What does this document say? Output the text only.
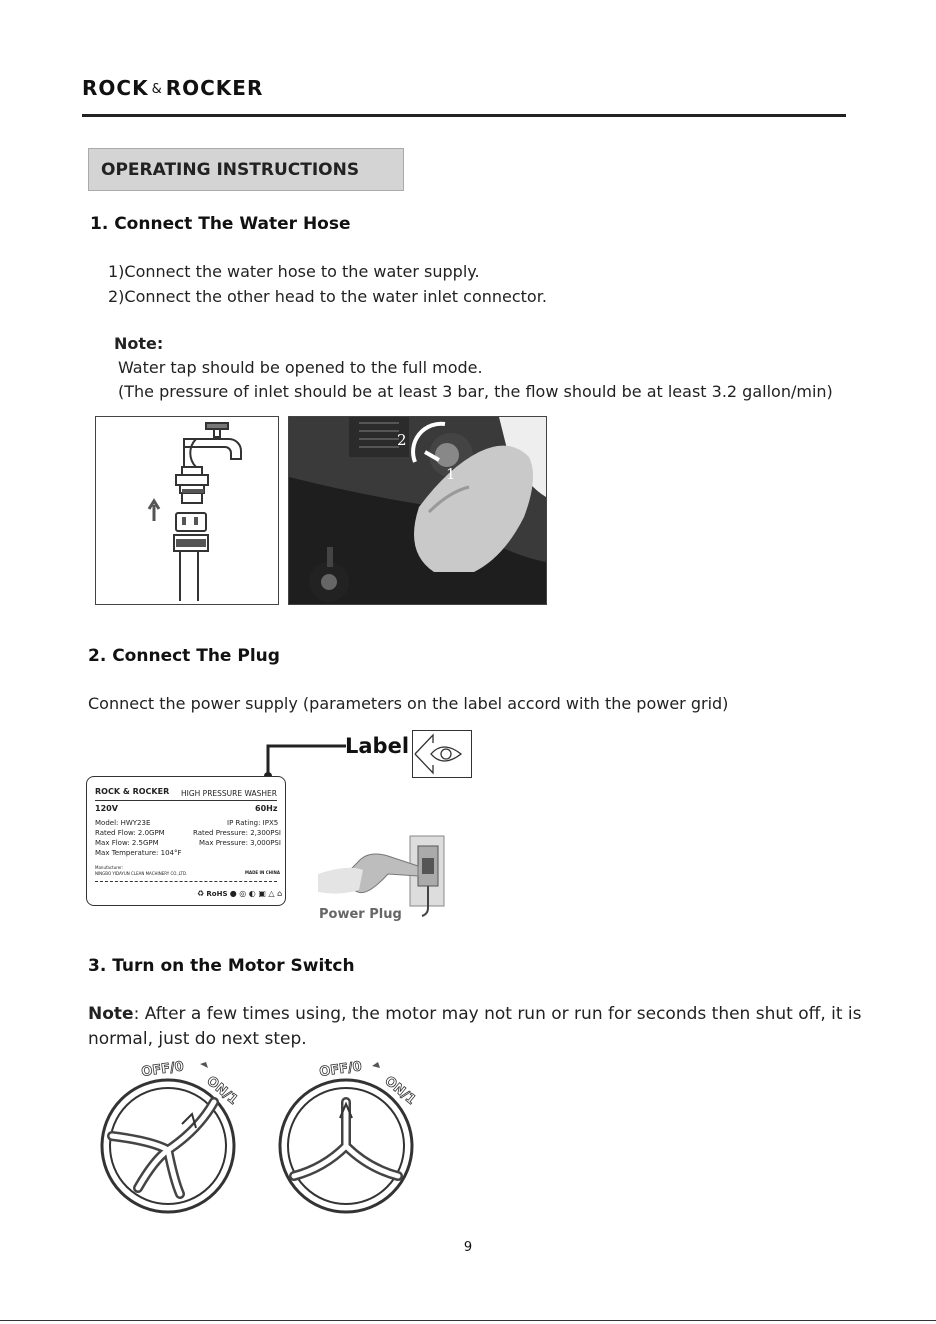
ROCK & ROCKER
OPERATING INSTRUCTIONS
1. Connect The Water Hose
1)Connect the water hose to the water supply.
2)Connect the other head to the water inlet connector.
Note:
Water tap should be opened to the full mode.
(The pressure of inlet should be at least 3 bar, the flow should be at least 3.2 gallon/min)
2
1
2. Connect The Plug
Connect the power supply (parameters on the label accord with the power grid)
Label
ROCK & ROCKER HIGH PRESSURE WASHER
120V	60Hz
Model: HWY23E	IP Rating: IPX5
Rated Flow: 2.0GPM	Rated Pressure: 2,300PSI
Max Flow: 2.5GPM	Max Pressure: 3,000PSI
Max Temperature: 104°F
Manufacturer:
NINGBO YIDAYUN CLEAN MACHINERY CO.,LTD.	MADE IN CHINA
♻ RoHS ● ◎ ◐ ▣ △ ⌂
Power Plug
3. Turn on the Motor Switch
Note: After a few times using, the motor may not run or run for seconds then shut off, it is
normal, just do next step.
OFF/0
ON/1
OFF/0
ON/1
9
